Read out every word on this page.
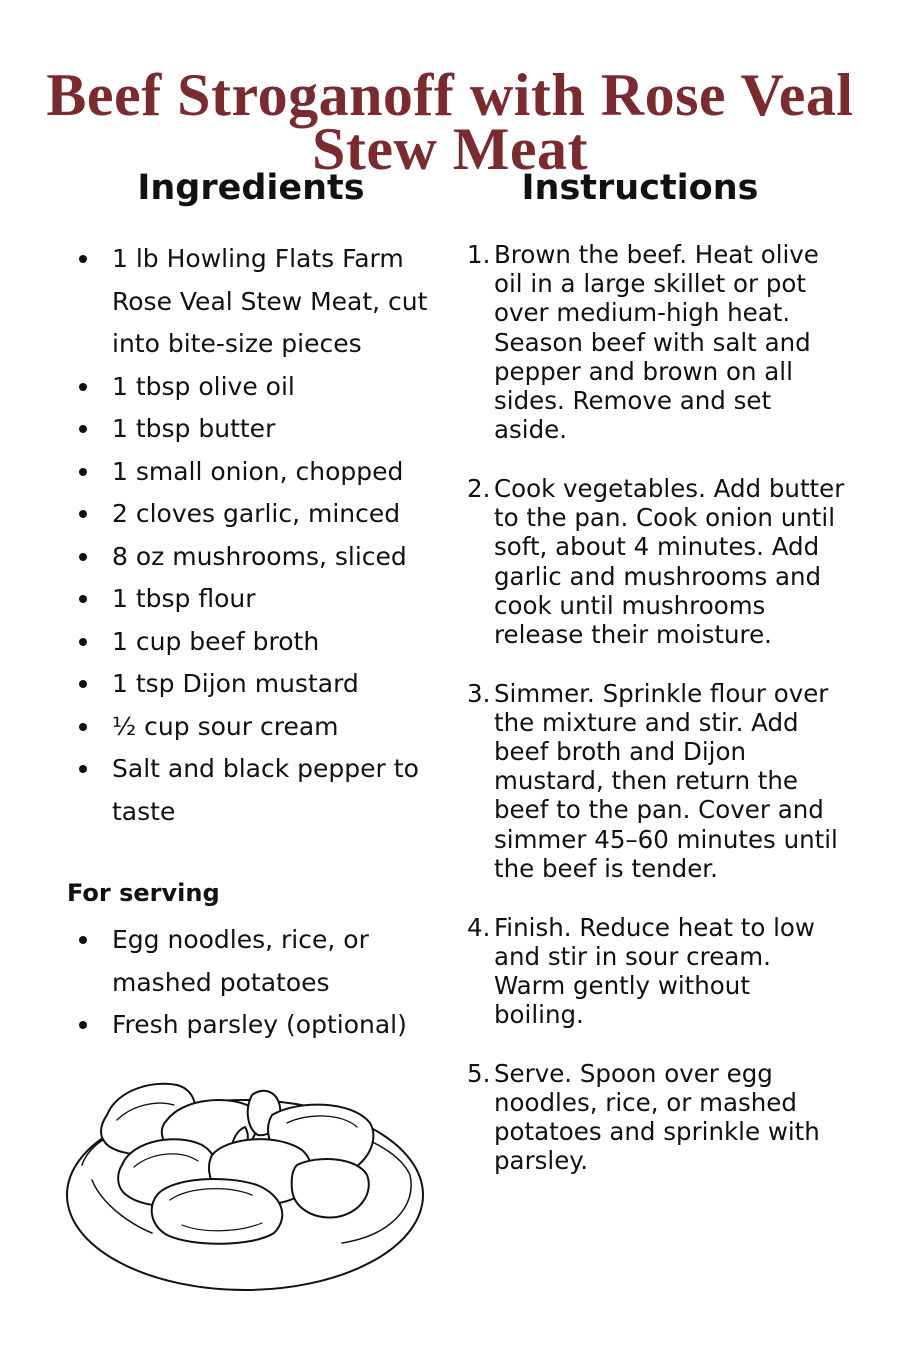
Beef Stroganoff with Rose Veal
Stew Meat
Ingredients	Instructions
1 lb Howling Flats Farm Rose Veal Stew Meat, cut into bite-size pieces
1 tbsp olive oil
1 tbsp butter
1 small onion, chopped
2 cloves garlic, minced
8 oz mushrooms, sliced
1 tbsp flour
1 cup beef broth
1 tsp Dijon mustard
½ cup sour cream
Salt and black pepper to taste
For serving
Egg noodles, rice, or mashed potatoes
Fresh parsley (optional)
1. Brown the beef. Heat olive oil in a large skillet or pot over medium-high heat. Season beef with salt and pepper and brown on all sides. Remove and set aside.
2. Cook vegetables. Add butter to the pan. Cook onion until soft, about 4 minutes. Add garlic and mushrooms and cook until mushrooms release their moisture.
3. Simmer. Sprinkle flour over the mixture and stir. Add beef broth and Dijon mustard, then return the beef to the pan. Cover and simmer 45–60 minutes until the beef is tender.
4. Finish. Reduce heat to low and stir in sour cream. Warm gently without boiling.
5. Serve. Spoon over egg noodles, rice, or mashed potatoes and sprinkle with parsley.
